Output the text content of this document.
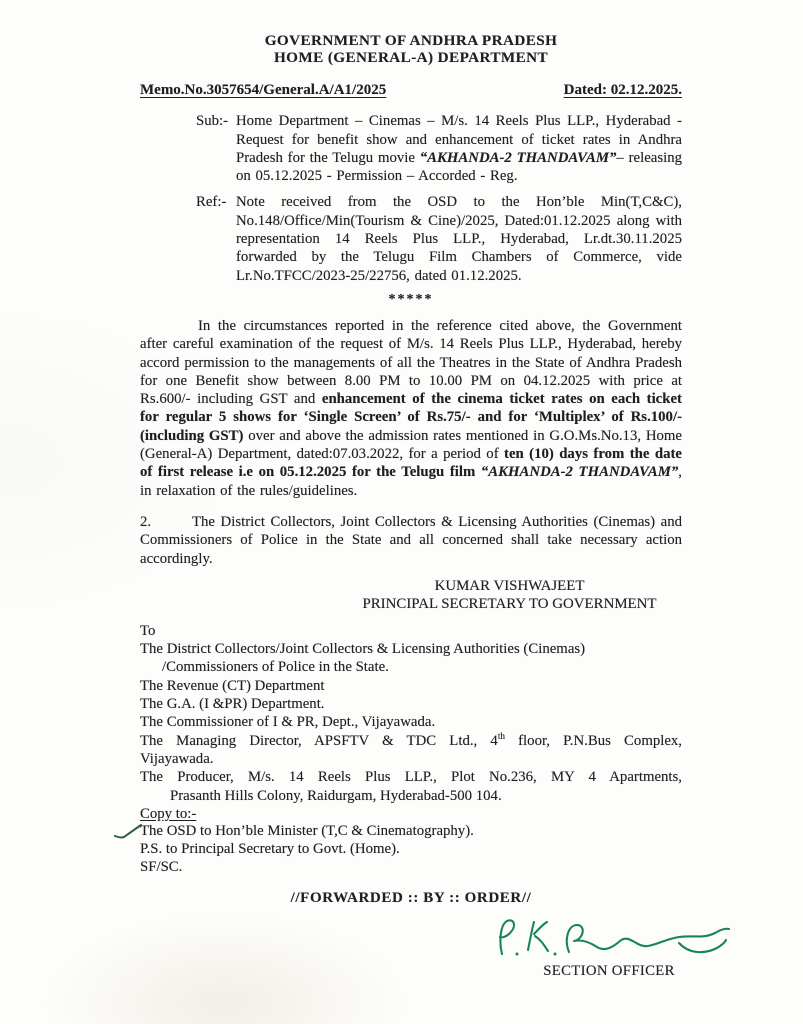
GOVERNMENT OF ANDHRA PRADESH
HOME (GENERAL-A) DEPARTMENT
Memo.No.3057654/General.A/A1/2025	Dated: 02.12.2025.
Sub:- Home Department – Cinemas – M/s. 14 Reels Plus LLP., Hyderabad - Request for benefit show and enhancement of ticket rates in Andhra Pradesh for the Telugu movie “AKHANDA-2 THANDAVAM”– releasing on 05.12.2025 - Permission – Accorded - Reg.

Ref:- Note received from the OSD to the Hon’ble Min(T,C&C), No.148/Office/Min(Tourism & Cine)/2025, Dated:01.12.2025 along with representation 14 Reels Plus LLP., Hyderabad, Lr.dt.30.11.2025 forwarded by the Telugu Film Chambers of Commerce, vide Lr.No.TFCC/2023-25/22756, dated 01.12.2025.

*****

In the circumstances reported in the reference cited above, the Government after careful examination of the request of M/s. 14 Reels Plus LLP., Hyderabad, hereby accord permission to the managements of all the Theatres in the State of Andhra Pradesh for one Benefit show between 8.00 PM to 10.00 PM on 04.12.2025 with price at Rs.600/- including GST and enhancement of the cinema ticket rates on each ticket for regular 5 shows for ‘Single Screen’ of Rs.75/- and for ‘Multiplex’ of Rs.100/- (including GST) over and above the admission rates mentioned in G.O.Ms.No.13, Home (General-A) Department, dated:07.03.2022, for a period of ten (10) days from the date of first release i.e on 05.12.2025 for the Telugu film “AKHANDA-2 THANDAVAM”, in relaxation of the rules/guidelines.

2.	The District Collectors, Joint Collectors & Licensing Authorities (Cinemas) and Commissioners of Police in the State and all concerned shall take necessary action accordingly.

KUMAR VISHWAJEET
PRINCIPAL SECRETARY TO GOVERNMENT
To
The District Collectors/Joint Collectors & Licensing Authorities (Cinemas)
/Commissioners of Police in the State.
The Revenue (CT) Department
The G.A. (I &PR) Department.
The Commissioner of I & PR, Dept., Vijayawada.
The Managing Director, APSFTV & TDC Ltd., 4th floor, P.N.Bus Complex,
Vijayawada.
The Producer, M/s. 14 Reels Plus LLP., Plot No.236, MY 4 Apartments,
Prasanth Hills Colony, Raidurgam, Hyderabad-500 104.
Copy to:-
The OSD to Hon’ble Minister (T,C & Cinematography).
P.S. to Principal Secretary to Govt. (Home).
SF/SC.
//FORWARDED :: BY :: ORDER//
SECTION OFFICER
